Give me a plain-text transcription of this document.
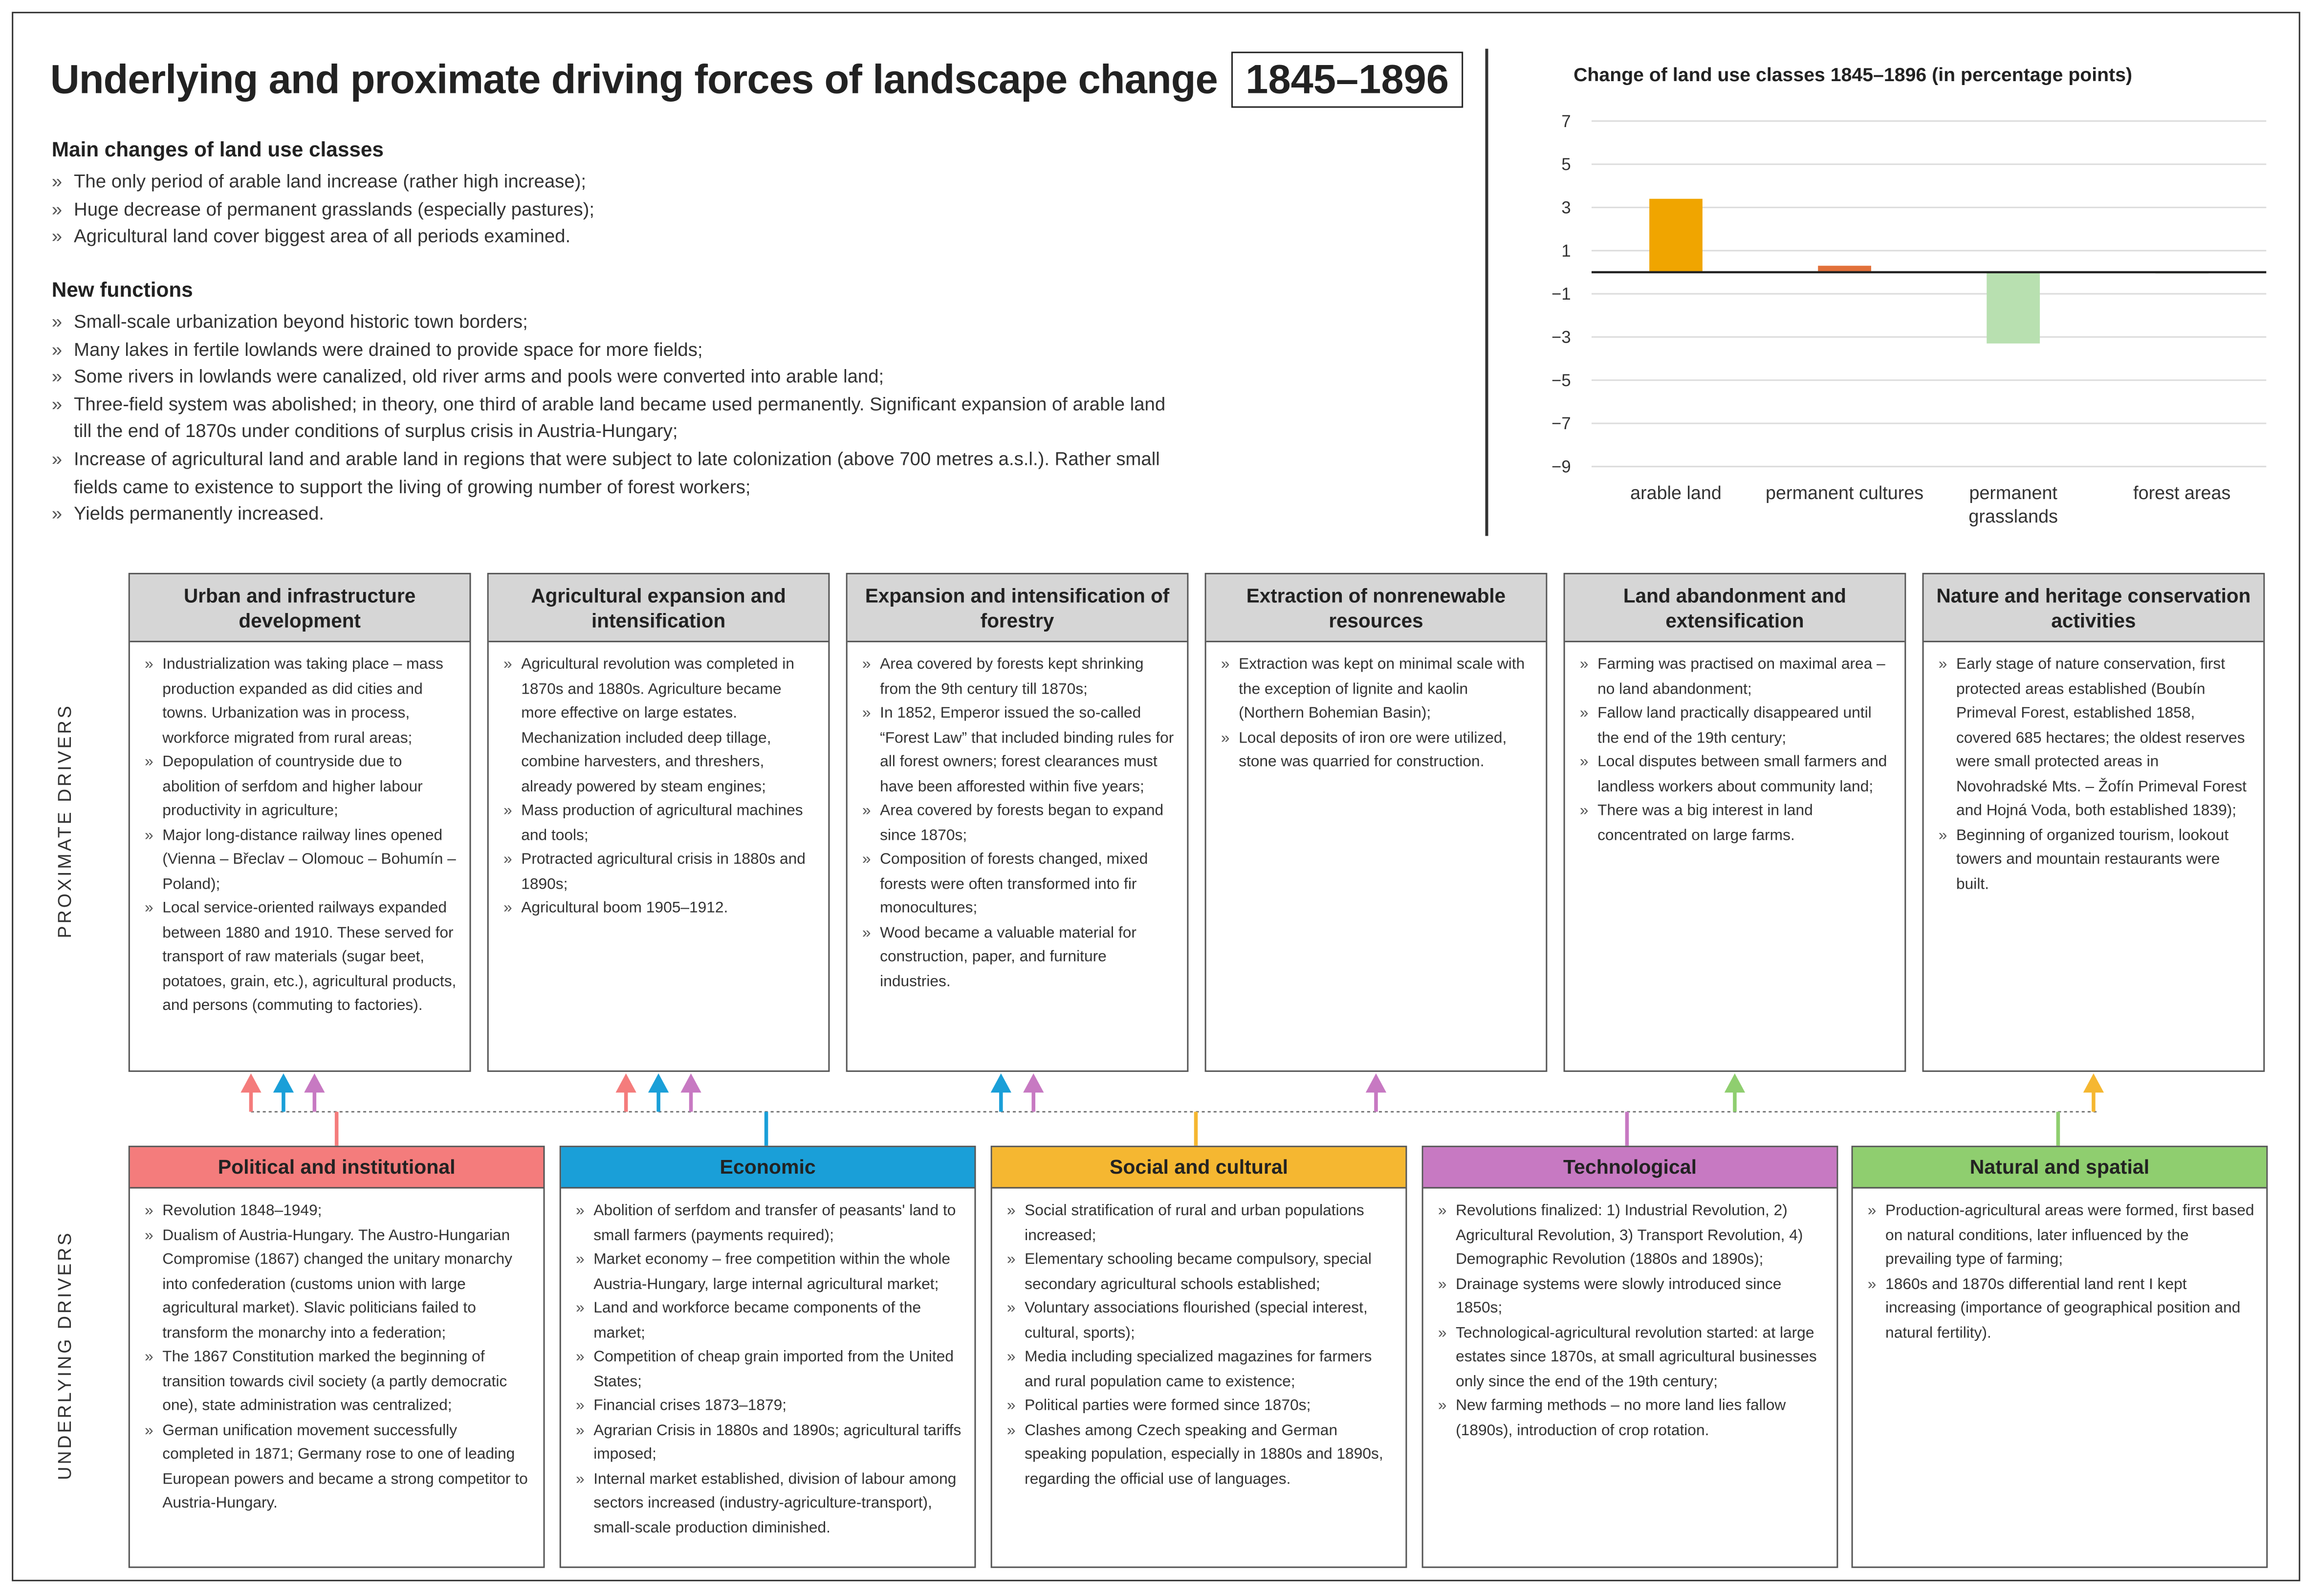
Underlying and proximate driving forces of landscape change	1845–1896
Main changes of land use classes
» The only period of arable land increase (rather high increase);
» Huge decrease of permanent grasslands (especially pastures);
» Agricultural land cover biggest area of all periods examined.
New functions
» Small-scale urbanization beyond historic town borders;
» Many lakes in fertile lowlands were drained to provide space for more fields;
» Some rivers in lowlands were canalized, old river arms and pools were converted into arable land;
» Three-field system was abolished; in theory, one third of arable land became used permanently. Significant expansion of arable land till the end of 1870s under conditions of surplus crisis in Austria-Hungary;
» Increase of agricultural land and arable land in regions that were subject to late colonization (above 700 metres a.s.l.). Rather small fields came to existence to support the living of growing number of forest workers;
» Yields permanently increased.
Change of land use classes 1845–1896 (in percentage points)
7
5
3
1
−1
−3
−5
−7
−9
arable land	permanent cultures	permanent
grasslands
forest areas
PROXIMATE DRIVERS
UNDERLYING DRIVERS
Urban and infrastructure development
» Industrialization was taking place – mass production expanded as did cities and towns. Urbanization was in process, workforce migrated from rural areas;
» Depopulation of countryside due to abolition of serfdom and higher labour productivity in agriculture;
» Major long-distance railway lines opened (Vienna – Břeclav – Olomouc – Bohumín – Poland);
» Local service-oriented railways expanded between 1880 and 1910. These served for transport of raw materials (sugar beet, potatoes, grain, etc.), agricultural products, and persons (commuting to factories).
Agricultural expansion and intensification
» Agricultural revolution was completed in 1870s and 1880s. Agriculture became more effective on large estates. Mechanization included deep tillage, combine harvesters, and threshers, already powered by steam engines;
» Mass production of agricultural machines and tools;
» Protracted agricultural crisis in 1880s and 1890s;
» Agricultural boom 1905–1912.
Expansion and intensification of forestry
» Area covered by forests kept shrinking from the 9th century till 1870s;
» In 1852, Emperor issued the so-called “Forest Law” that included binding rules for all forest owners; forest clearances must have been afforested within five years;
» Area covered by forests began to expand since 1870s;
» Composition of forests changed, mixed forests were often transformed into fir monocultures;
» Wood became a valuable material for construction, paper, and furniture industries.
Extraction of nonrenewable resources
» Extraction was kept on minimal scale with the exception of lignite and kaolin (Northern Bohemian Basin);
» Local deposits of iron ore were utilized, stone was quarried for construction.
Land abandonment and extensification
» Farming was practised on maximal area – no land abandonment;
» Fallow land practically disappeared until the end of the 19th century;
» Local disputes between small farmers and landless workers about community land;
» There was a big interest in land concentrated on large farms.
Nature and heritage conservation activities
» Early stage of nature conservation, first protected areas established (Boubín Primeval Forest, established 1858, covered 685 hectares; the oldest reserves were small protected areas in Novohradské Mts. – Žofín Primeval Forest and Hojná Voda, both established 1839);
» Beginning of organized tourism, lookout towers and mountain restaurants were built.
Political and institutional
» Revolution 1848–1949;
» Dualism of Austria-Hungary. The Austro-Hungarian Compromise (1867) changed the unitary monarchy into confederation (customs union with large agricultural market). Slavic politicians failed to transform the monarchy into a federation;
» The 1867 Constitution marked the beginning of transition towards civil society (a partly democratic one), state administration was centralized;
» German unification movement successfully completed in 1871; Germany rose to one of leading European powers and became a strong competitor to Austria-Hungary.
Economic
» Abolition of serfdom and transfer of peasants' land to small farmers (payments required);
» Market economy – free competition within the whole Austria-Hungary, large internal agricultural market;
» Land and workforce became components of the market;
» Competition of cheap grain imported from the United States;
» Financial crises 1873–1879;
» Agrarian Crisis in 1880s and 1890s; agricultural tariffs imposed;
» Internal market established, division of labour among sectors increased (industry-agriculture-transport), small-scale production diminished.
Social and cultural
» Social stratification of rural and urban populations increased;
» Elementary schooling became compulsory, special secondary agricultural schools established;
» Voluntary associations flourished (special interest, cultural, sports);
» Media including specialized magazines for farmers and rural population came to existence;
» Political parties were formed since 1870s;
» Clashes among Czech speaking and German speaking population, especially in 1880s and 1890s, regarding the official use of languages.
Technological
» Revolutions finalized: 1) Industrial Revolution, 2) Agricultural Revolution, 3) Transport Revolution, 4) Demographic Revolution (1880s and 1890s);
» Drainage systems were slowly introduced since 1850s;
» Technological-agricultural revolution started: at large estates since 1870s, at small agricultural businesses only since the end of the 19th century;
» New farming methods – no more land lies fallow (1890s), introduction of crop rotation.
Natural and spatial
» Production-agricultural areas were formed, first based on natural conditions, later influenced by the prevailing type of farming;
» 1860s and 1870s differential land rent I kept increasing (importance of geographical position and natural fertility).
